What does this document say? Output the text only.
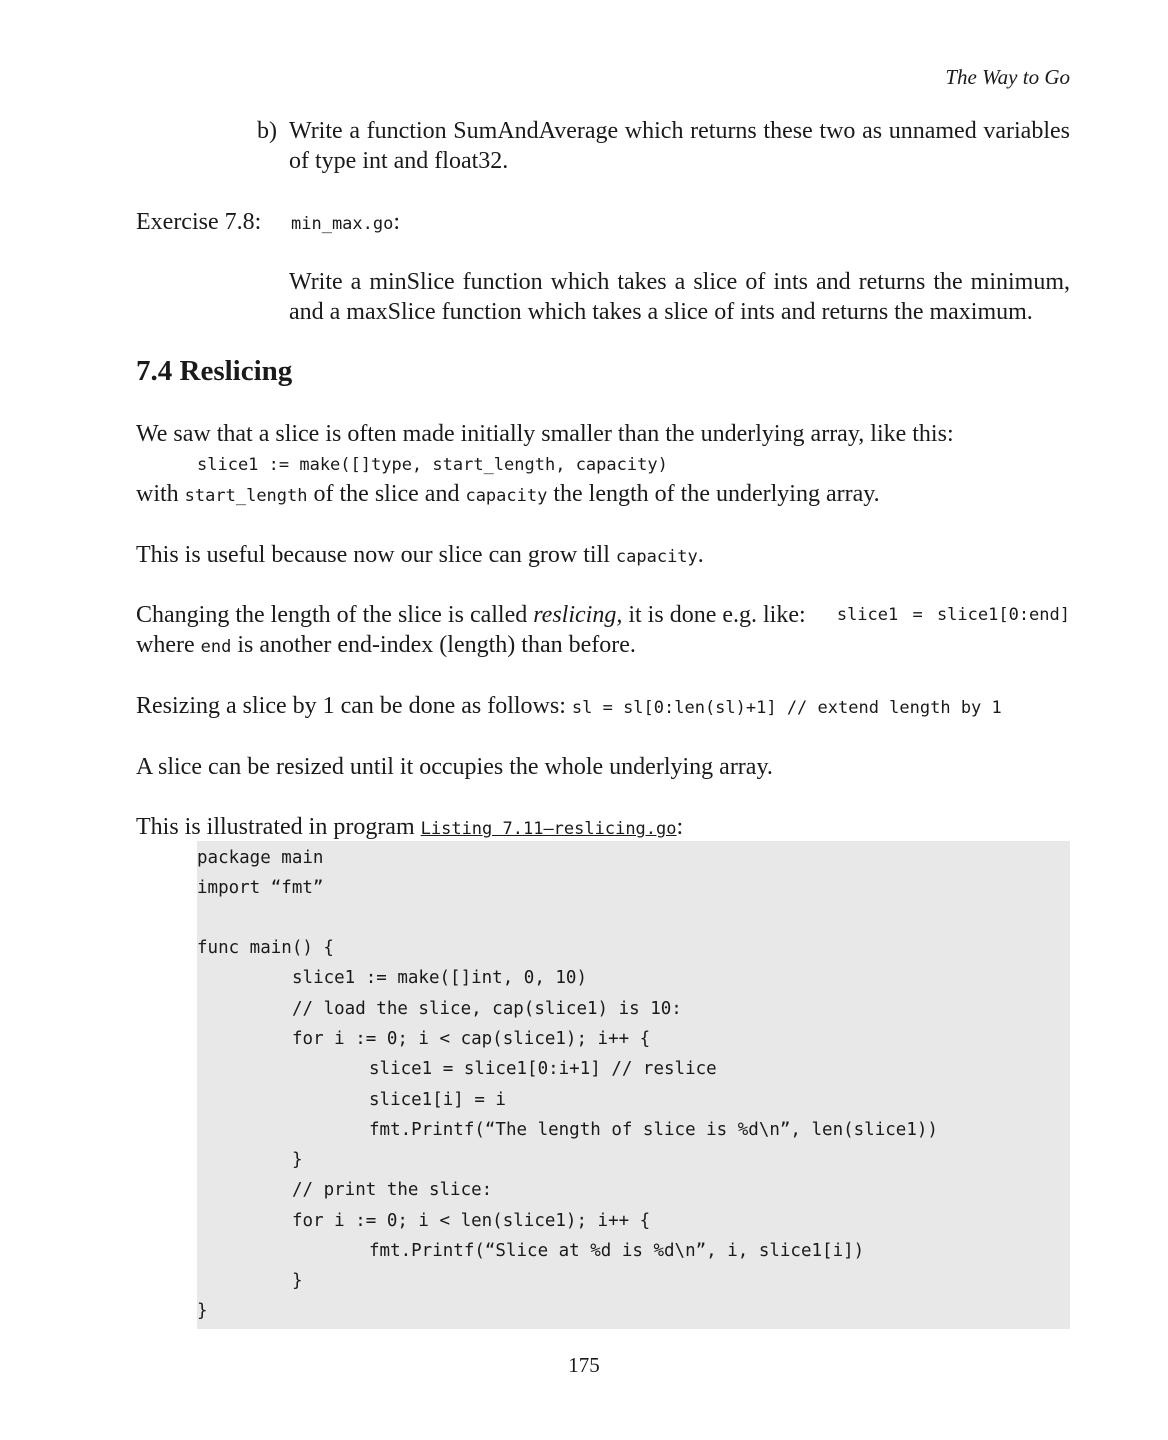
The Way to Go
b) Write a function SumAndAverage which returns these two as unnamed variables
of type int and float32.
Exercise 7.8: min_max.go:
Write a minSlice function which takes a slice of ints and returns the minimum,
and a maxSlice function which takes a slice of ints and returns the maximum.
7.4 Reslicing
We saw that a slice is often made initially smaller than the underlying array, like this:
slice1 := make([]type, start_length, capacity)
with start_length of the slice and capacity the length of the underlying array.
This is useful because now our slice can grow till capacity.
Changing the length of the slice is called reslicing, it is done e.g. like: slice1 = slice1[0:end]
where end is another end-index (length) than before.
Resizing a slice by 1 can be done as follows: sl = sl[0:len(sl)+1] // extend length by 1
A slice can be resized until it occupies the whole underlying array.
This is illustrated in program Listing 7.11—reslicing.go:
package main
import “fmt”
func main() {
slice1 := make([]int, 0, 10)
// load the slice, cap(slice1) is 10:
for i := 0; i < cap(slice1); i++ {
slice1 = slice1[0:i+1] // reslice
slice1[i] = i
fmt.Printf(“The length of slice is %d\n”, len(slice1))
}
// print the slice:
for i := 0; i < len(slice1); i++ {
fmt.Printf(“Slice at %d is %d\n”, i, slice1[i])
}
}
175
